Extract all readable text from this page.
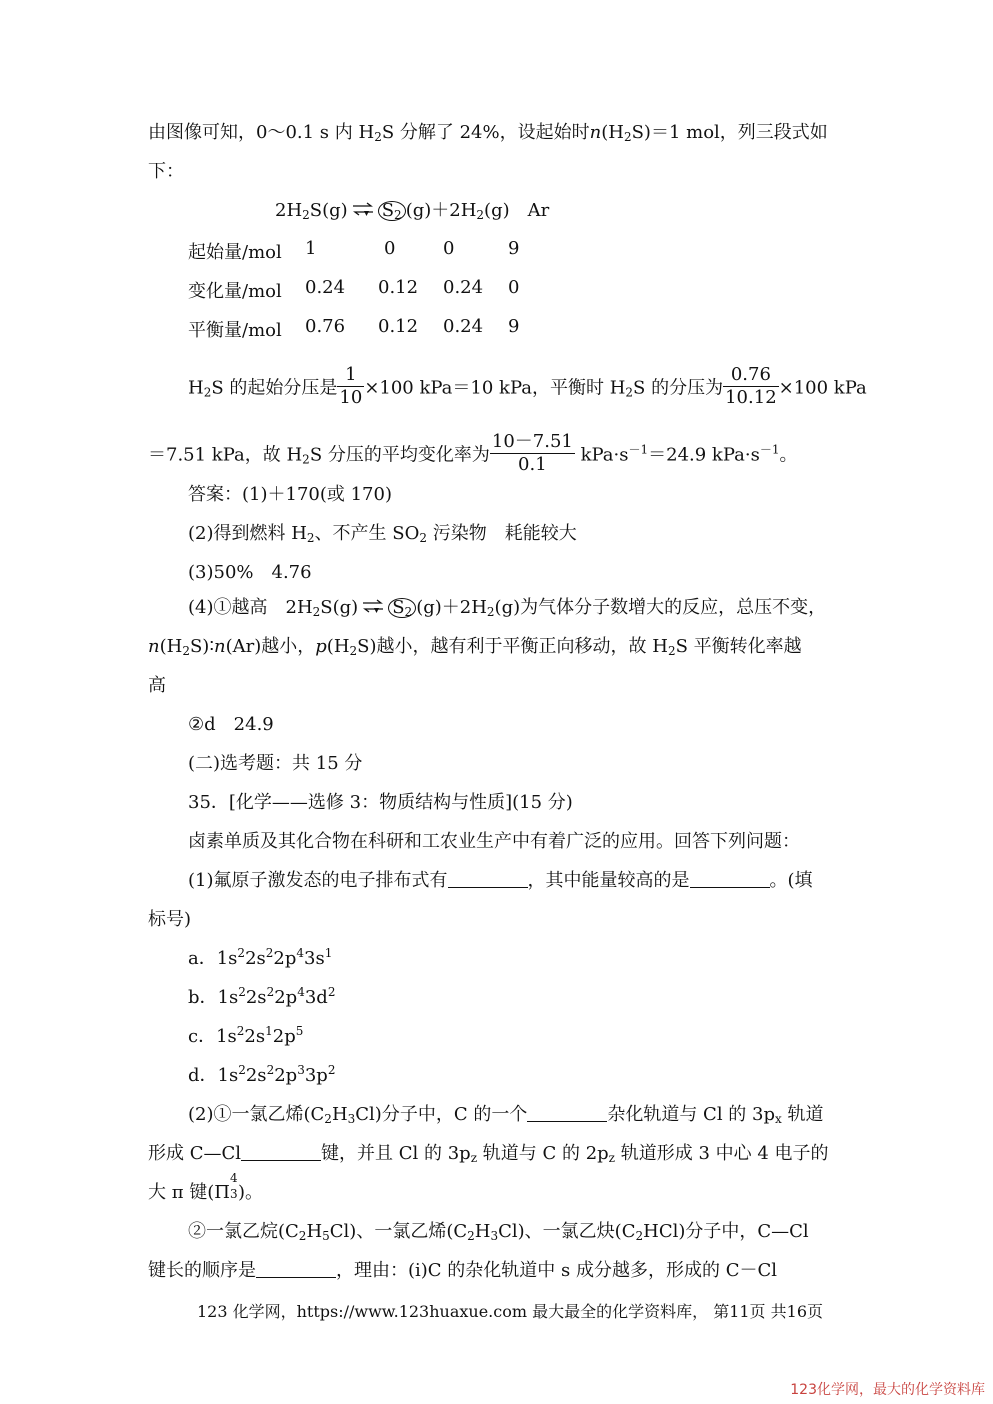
由图像可知，0～0.1 s 内 $H_2S$ 分解了 24%，设起始时$n(H_2S)=1$ mol，列三段式如
下：
$2H_2S(g)$ $S_2$ $(g)+2H_2(g)$　Ar
起始量/mol 1	0	0	9
变化量/mol 0.24 0.12 0.24 0
平衡量/mol 0.76 0.12 0.24 9
$H_2S$ 的起始分压是 $\frac{1}{10} \times 100$ kPa＝10 kPa，平衡时 $H_2S$ 的分压为 $\frac{0.76}{10.12} \times 100$ kPa
＝7.51 kPa，故 $H_2S$ 分压的平均变化率为 $\frac{10-7.51}{0.1} kPa\cdot s^{-1}=24.9$ $kPa\cdot s^{-1}$。
答案：(1)＋170(或 170)
(2)得到燃料 $H_2$、不产生 $SO_2$ 污染物　耗能较大
(3)50%　4.76
(4)①越高　$2H_2S(g)$ $S_2$ $(g)+2H_2(g)$为气体分子数增大的反应，总压不变，
$n(H_2S)∶n(Ar)$越小，$p(H_2S)$越小，越有利于平衡正向移动，故 $H_2S$ 平衡转化率越
高
②d　24.9
(二)选考题：共 15 分
35．[化学——选修 3：物质结构与性质](15 分)
卤素单质及其化合物在科研和工农业生产中有着广泛的应用。回答下列问题：
(1)氟原子激发态的电子排布式有	，其中能量较高的是	。(填
标号)
a．$1s^22s^22p^43s^1$
b．$1s^22s^22p^43d^2$
c．$1s^22s^12p^5$
d．$1s^22s^22p^33p^2$
(2)①一氯乙烯$(C_2H_3Cl)$分子中，C 的一个	杂化轨道与 Cl 的 $3p_x$ 轨道
形成 C—Cl	键，并且 Cl 的 $3p_z$ 轨道与 C 的 $2p_z$ 轨道形成 3 中心 4 电子的
大 π 键(Π
4
3 )。
②一氯乙烷$(C_2H_5Cl)$、一氯乙烯$(C_2H_3Cl)$、一氯乙炔$(C_2HCl)$分子中，C—Cl
键长的顺序是	，理由：(ⅰ)C 的杂化轨道中 s 成分越多，形成的 C－Cl
123 化学网，https://www.123huaxue.com 最大最全的化学资料库， 第11页 共16页
123化学网，最大的化学资料库
